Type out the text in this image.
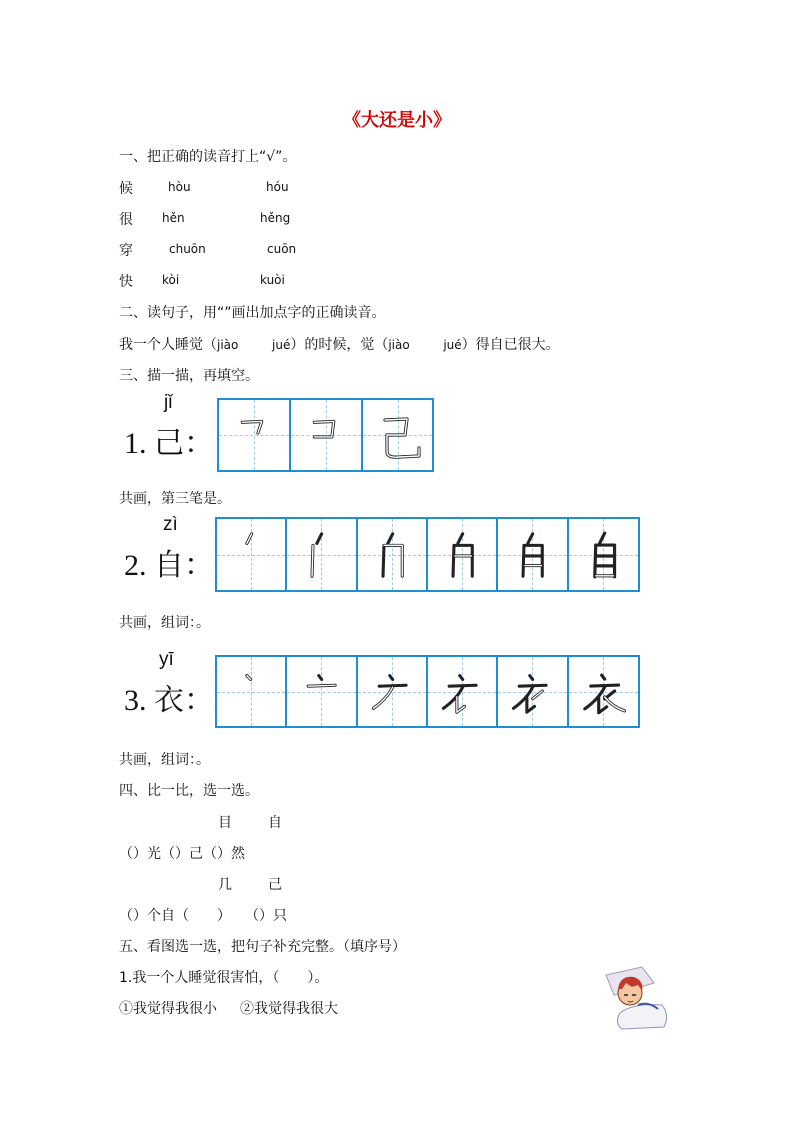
《大还是小》
一、把正确的读音打上“√”。
候	hòu	hóu
很 hěn	hěng
穿	chuōn	cuōn
快 kòi	kuòi
二、读句子，用“”画出加点字的正确读音。
我一个人睡觉（jiào	jué）的时候，觉（jiào	jué）得自已很大。
三、描一描，再填空。
jǐ
1. 己：
共画，第三笔是。
zì
2. 自：
共画，组词：。
yī
3. 衣：
共画，组词：。
四、比一比，选一选。
目	自
（）光（）己（）然
几	己
（）个自（　　）　　（）只
五、看图选一选，把句子补充完整。（填序号）
1.我一个人睡觉很害怕，（　　）。
①我觉得我很小 ②我觉得我很大
